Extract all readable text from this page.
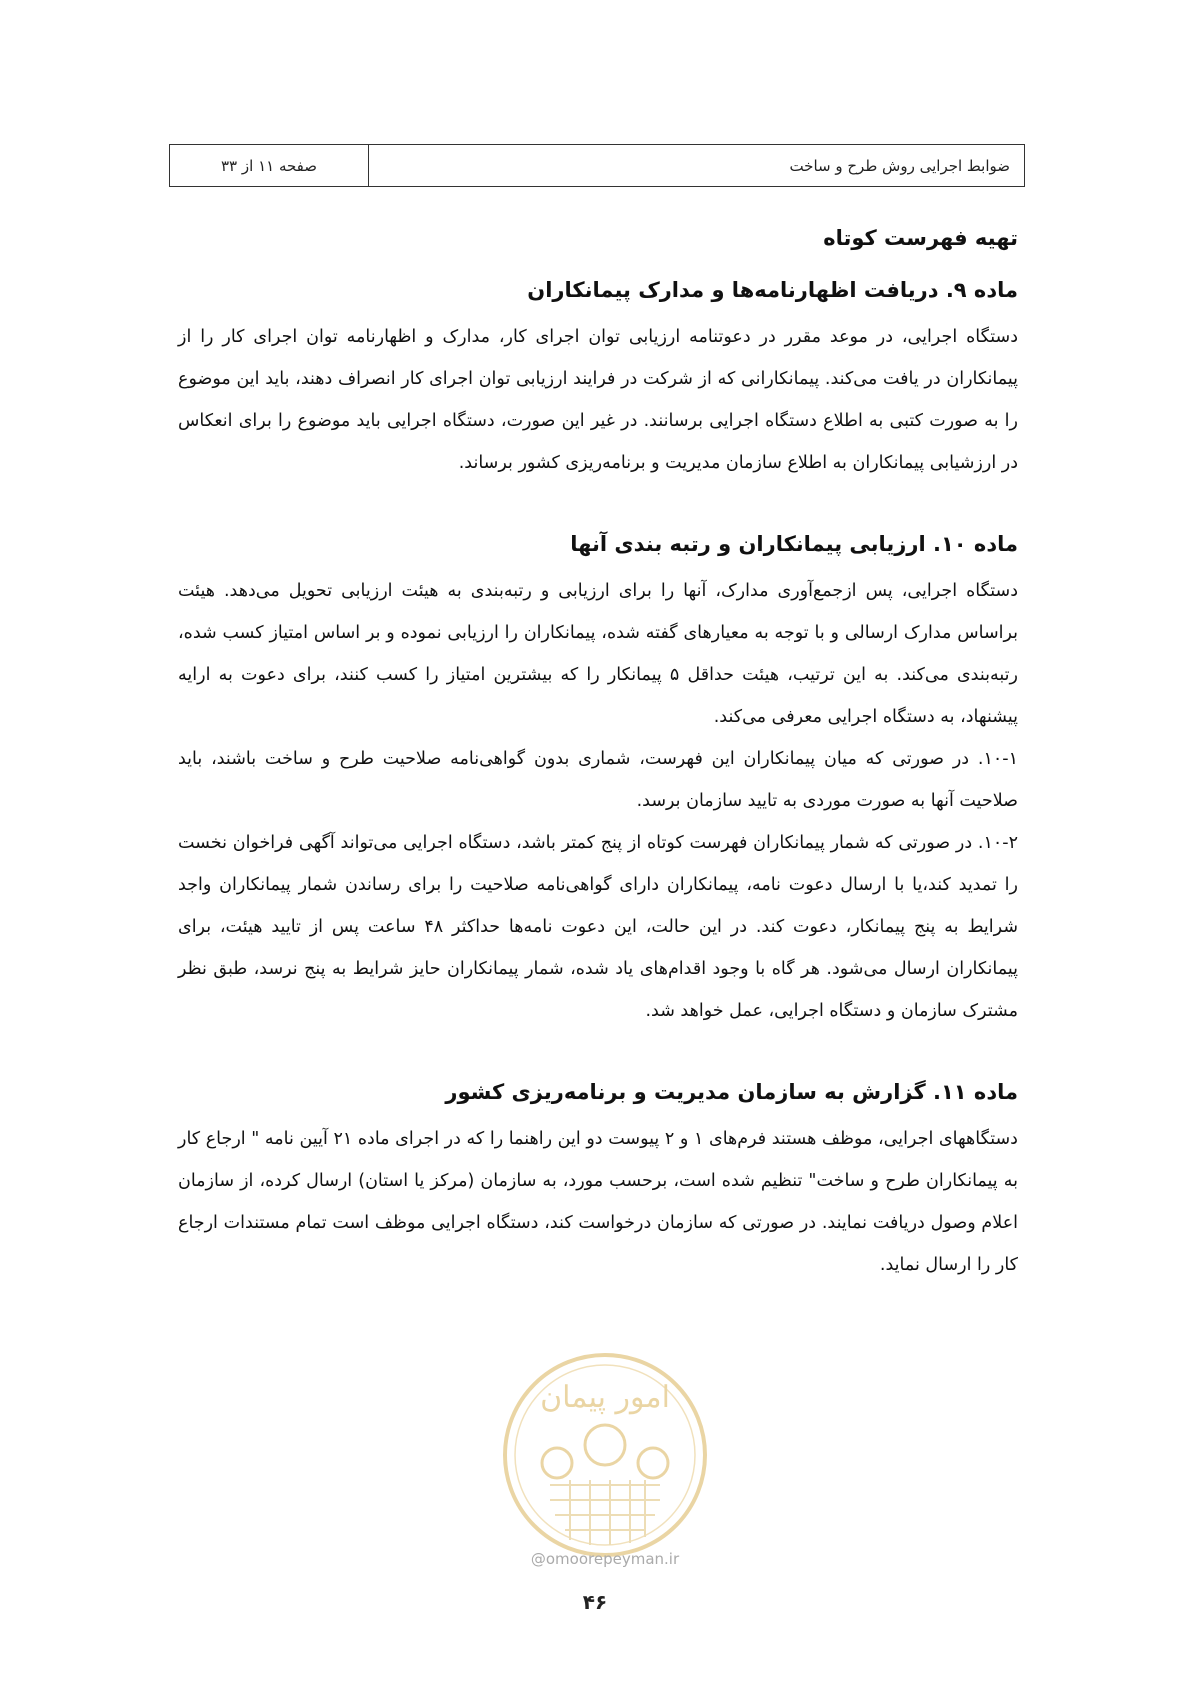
صفحه ۱۱ از ۳۳	ضوابط اجرایی روش طرح و ساخت
تهیه فهرست کوتاه
ماده ۹. دریافت اظهارنامه‌ها و مدارک پیمانکاران

دستگاه اجرایی، در موعد مقرر در دعوتنامه ارزیابی توان اجرای کار، مدارک و اظهارنامه توان اجرای کار را از پیمانکاران در یافت می‌کند. پیمانکارانی که از شرکت در فرایند ارزیابی توان اجرای کار انصراف دهند، باید این موضوع را به صورت کتبی به اطلاع دستگاه اجرایی برسانند. در غیر این صورت، دستگاه اجرایی باید موضوع را برای انعکاس در ارزشیابی پیمانکاران به اطلاع سازمان مدیریت و برنامه‌ریزی کشور برساند.

ماده ۱۰. ارزیابی پیمانکاران و رتبه بندی آنها

دستگاه اجرایی، پس ازجمع‌آوری مدارک، آنها را برای ارزیابی و رتبه‌بندی به هیئت ارزیابی تحویل می‌دهد. هیئت براساس مدارک ارسالی و با توجه به معیارهای گفته شده، پیمانکاران را ارزیابی نموده و بر اساس امتیاز کسب شده، رتبه‌بندی می‌کند. به این ترتیب، هیئت حداقل ۵ پیمانکار را که بیشترین امتیاز را کسب کنند، برای دعوت به ارایه پیشنهاد، به دستگاه اجرایی معرفی می‌کند.

۱۰-۱. در صورتی که میان پیمانکاران این فهرست، شماری بدون گواهی‌نامه صلاحیت طرح و ساخت باشند، باید صلاحیت آنها به صورت موردی به تایید سازمان برسد.

۱۰-۲. در صورتی که شمار پیمانکاران فهرست کوتاه از پنج کمتر باشد، دستگاه اجرایی می‌تواند آگهی فراخوان نخست را تمدید کند،یا با ارسال دعوت نامه، پیمانکاران دارای گواهی‌نامه صلاحیت را برای رساندن شمار پیمانکاران واجد شرایط به پنج پیمانکار، دعوت کند. در این حالت، این دعوت نامه‌ها حداکثر ۴۸ ساعت پس از تایید هیئت، برای پیمانکاران ارسال می‌شود. هر گاه با وجود اقدام‌های یاد شده، شمار پیمانکاران حایز شرایط به پنج نرسد، طبق نظر مشترک سازمان و دستگاه اجرایی، عمل خواهد شد.

ماده ۱۱. گزارش به سازمان مدیریت و برنامه‌ریزی کشور

دستگاههای اجرایی، موظف هستند فرم‌های ۱ و ۲ پیوست دو این راهنما را که در اجرای ماده ۲۱ آیین نامه " ارجاع کار به پیمانکاران طرح و ساخت" تنظیم شده است، برحسب مورد، به سازمان (مرکز یا استان) ارسال کرده، از سازمان اعلام وصول دریافت نمایند. در صورتی که سازمان درخواست کند، دستگاه اجرایی موظف است تمام مستندات ارجاع کار را ارسال نماید.

امور پیمان
@omoorepeyman.ir
۴۶
